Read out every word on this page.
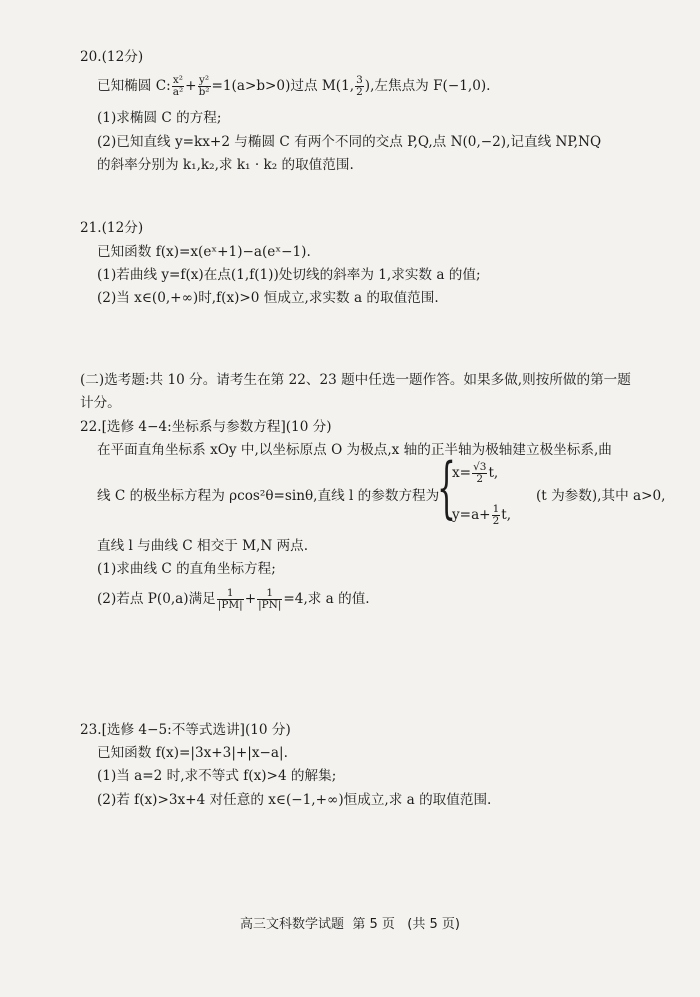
20.(12分)
已知椭圆 C: $\frac{\text{x²}}{\text{a²}} + \frac{\text{y²}}{\text{b²}} =1(a>b>0)$过点 M(1, $\frac{3}{2}$ ),左焦点为 F(−1,0).
(1)求椭圆 C 的方程;
(2)已知直线 y=kx+2 与椭圆 C 有两个不同的交点 P,Q,点 N(0,−2),记直线 NP,NQ
的斜率分别为 k₁,k₂,求 k₁ · k₂ 的取值范围.
21.(12分)
已知函数 f(x)=x(eˣ+1)−a(eˣ−1).
(1)若曲线 y=f(x)在点(1,f(1))处切线的斜率为 1,求实数 a 的值;
(2)当 x∈(0,+∞)时,f(x)>0 恒成立,求实数 a 的取值范围.
(二)选考题:共 10 分。请考生在第 22、23 题中任选一题作答。如果多做,则按所做的第一题
计分。
22.[选修 4−4:坐标系与参数方程](10 分)
在平面直角坐标系 xOy 中,以坐标原点 O 为极点,x 轴的正半轴为极轴建立极坐标系,曲
线 C 的极坐标方程为 ρcos²θ=sinθ,直线 l 的参数方程为
{
$x= \frac{√3}{2} t$,
$y=a+ \frac{1}{2} t$,
(t 为参数),其中 a>0,
直线 l 与曲线 C 相交于 M,N 两点.
(1)求曲线 C 的直角坐标方程;
(2)若点 P(0,a)满足 $\frac{1}{|PM|} + \frac{1}{|PN|} =4$,求 a 的值.
23.[选修 4−5:不等式选讲](10 分)
已知函数 f(x)=|3x+3|+|x−a|.
(1)当 a=2 时,求不等式 f(x)>4 的解集;
(2)若 f(x)>3x+4 对任意的 x∈(−1,+∞)恒成立,求 a 的取值范围.
高三文科数学试题 第 5 页 (共 5 页)
